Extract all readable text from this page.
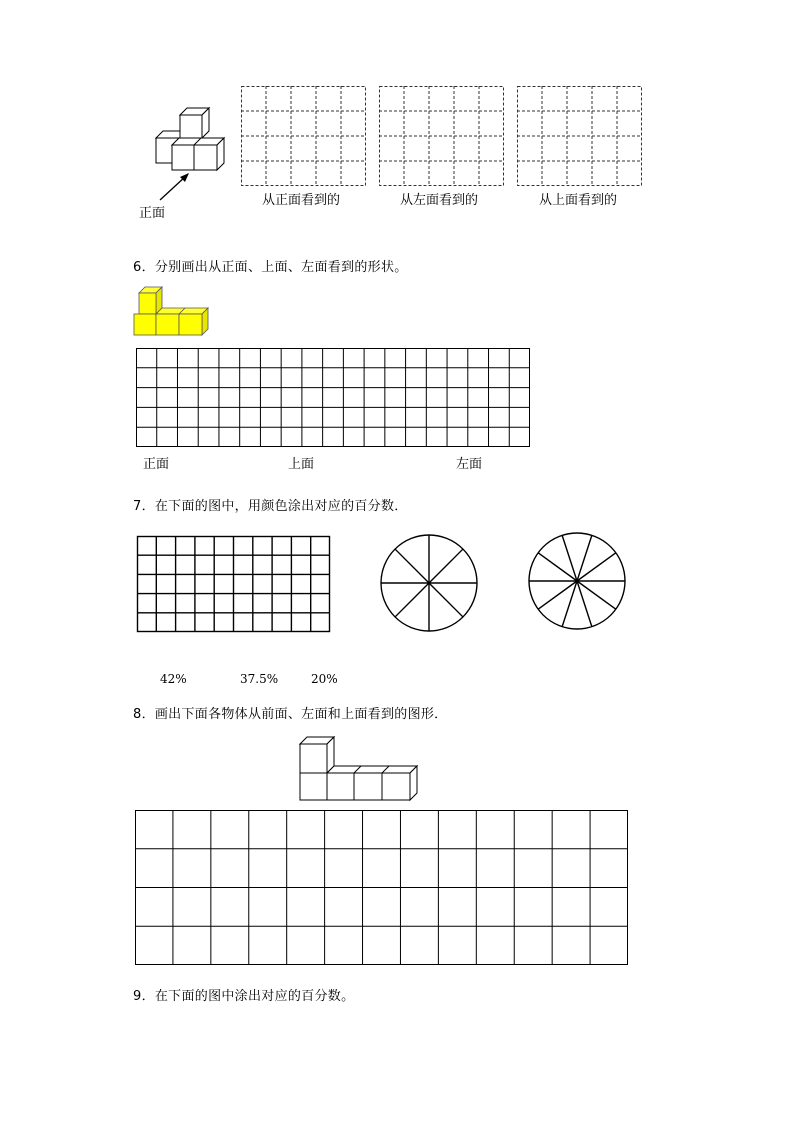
正面
从正面看到的	从左面看到的	从上面看到的
6．分别画出从正面、上面、左面看到的形状。
正面	上面	左面
7．在下面的图中，用颜色涂出对应的百分数．
42%	37.5%	20%
8．画出下面各物体从前面、左面和上面看到的图形．
9．在下面的图中涂出对应的百分数。
